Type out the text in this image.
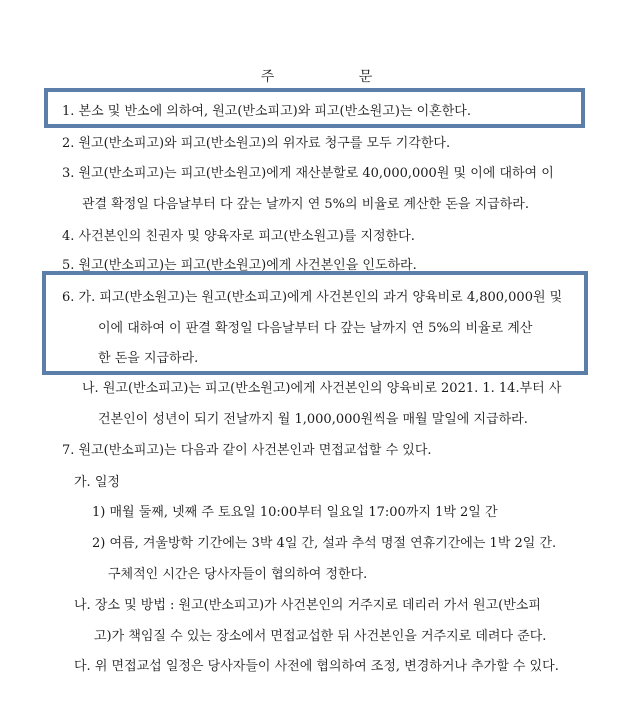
주 문
1. 본소 및 반소에 의하여, 원고(반소피고)와 피고(반소원고)는 이혼한다.
2. 원고(반소피고)와 피고(반소원고)의 위자료 청구를 모두 기각한다.
3. 원고(반소피고)는 피고(반소원고)에게 재산분할로 40,000,000원 및 이에 대하여 이
관결 확정일 다음날부터 다 갚는 날까지 연 5%의 비율로 계산한 돈을 지급하라.
4. 사건본인의 친권자 및 양육자로 피고(반소원고)를 지정한다.
5. 원고(반소피고)는 피고(반소원고)에게 사건본인을 인도하라.
6. 가. 피고(반소원고)는 원고(반소피고)에게 사건본인의 과거 양육비로 4,800,000원 및
이에 대하여 이 판결 확정일 다음날부터 다 갚는 날까지 연 5%의 비율로 계산
한 돈을 지급하라.
나. 원고(반소피고)는 피고(반소원고)에게 사건본인의 양육비로 2021. 1. 14.부터 사
건본인이 성년이 되기 전날까지 월 1,000,000원씩을 매월 말일에 지급하라.
7. 원고(반소피고)는 다음과 같이 사건본인과 면접교섭할 수 있다.
가. 일정
1) 매월 둘째, 넷째 주 토요일 10:00부터 일요일 17:00까지 1박 2일 간
2) 여름, 겨울방학 기간에는 3박 4일 간, 설과 추석 명절 연휴기간에는 1박 2일 간.
구체적인 시간은 당사자들이 협의하여 정한다.
나. 장소 및 방법 : 원고(반소피고)가 사건본인의 거주지로 데리러 가서 원고(반소피
고)가 책임질 수 있는 장소에서 면접교섭한 뒤 사건본인을 거주지로 데려다 준다.
다. 위 면접교섭 일정은 당사자들이 사전에 협의하여 조정, 변경하거나 추가할 수 있다.
